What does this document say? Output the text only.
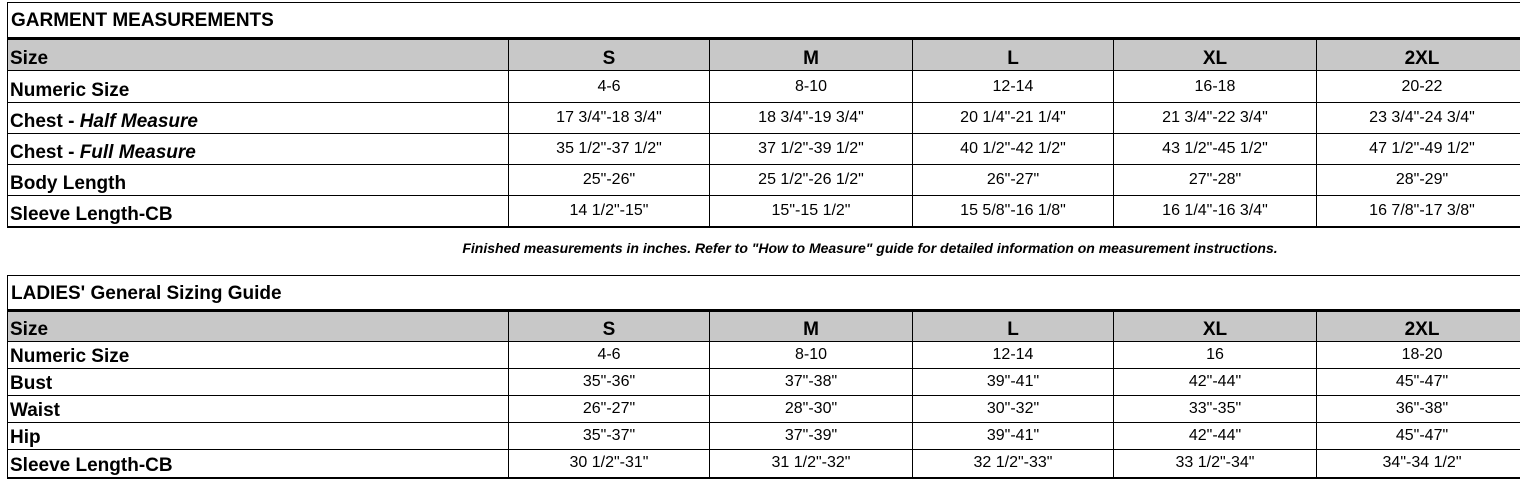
GARMENT MEASUREMENTS					
Size	S	M	L	XL	2XL
Numeric Size	4-6	8-10	12-14	16-18	20-22
Chest - Half Measure	17 3/4"-18 3/4"	18 3/4"-19 3/4"	20 1/4"-21 1/4"	21 3/4"-22 3/4"	23 3/4"-24 3/4"
Chest - Full Measure	35 1/2"-37 1/2"	37 1/2"-39 1/2"	40 1/2"-42 1/2"	43 1/2"-45 1/2"	47 1/2"-49 1/2"
Body Length	25"-26"	25 1/2"-26 1/2"	26"-27"	27"-28"	28"-29"
Sleeve Length-CB	14 1/2"-15"	15"-15 1/2"	15 5/8"-16 1/8"	16 1/4"-16 3/4"	16 7/8"-17 3/8"
Finished measurements in inches. Refer to "How to Measure" guide for detailed information on measurement instructions.
LADIES' General Sizing Guide					
Size	S	M	L	XL	2XL
Numeric Size	4-6	8-10	12-14	16	18-20
Bust	35"-36"	37"-38"	39"-41"	42"-44"	45"-47"
Waist	26"-27"	28"-30"	30"-32"	33"-35"	36"-38"
Hip	35"-37"	37"-39"	39"-41"	42"-44"	45"-47"
Sleeve Length-CB	30 1/2"-31"	31 1/2"-32"	32 1/2"-33"	33 1/2"-34"	34"-34 1/2"
